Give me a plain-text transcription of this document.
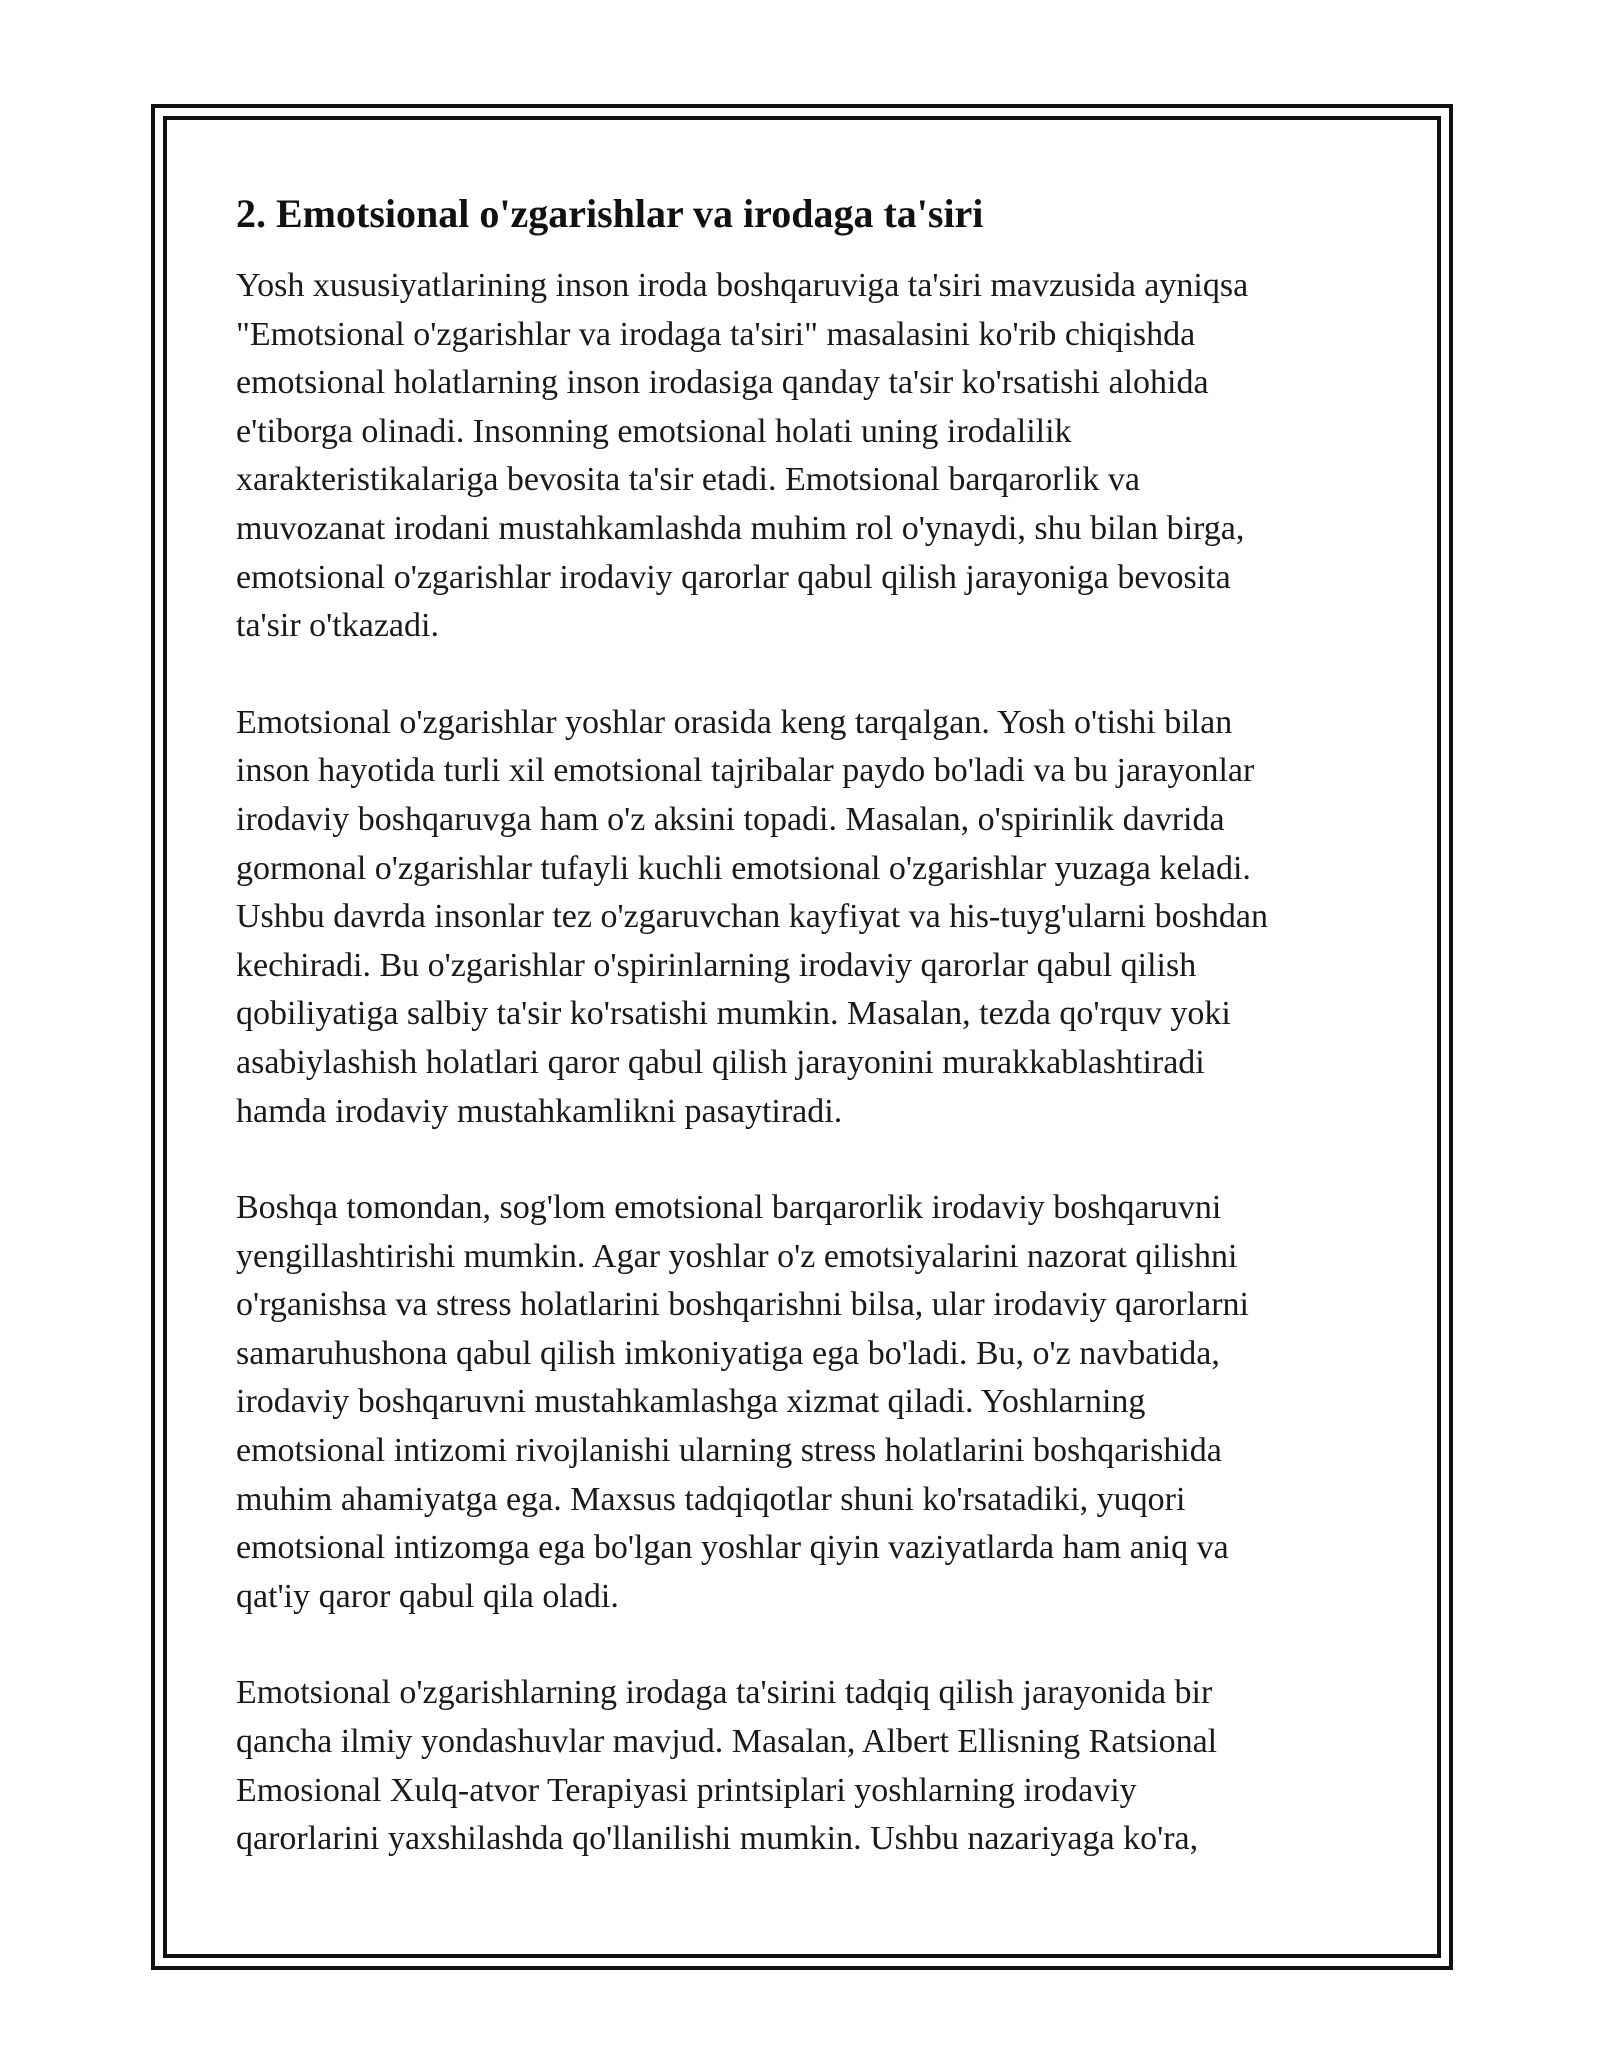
2. Emotsional o'zgarishlar va irodaga ta'siri

Yosh xususiyatlarining inson iroda boshqaruviga ta'siri mavzusida ayniqsa
"Emotsional o'zgarishlar va irodaga ta'siri" masalasini ko'rib chiqishda
emotsional holatlarning inson irodasiga qanday ta'sir ko'rsatishi alohida
e'tiborga olinadi. Insonning emotsional holati uning irodalilik
xarakteristikalariga bevosita ta'sir etadi. Emotsional barqarorlik va
muvozanat irodani mustahkamlashda muhim rol o'ynaydi, shu bilan birga,
emotsional o'zgarishlar irodaviy qarorlar qabul qilish jarayoniga bevosita
ta'sir o'tkazadi.

Emotsional o'zgarishlar yoshlar orasida keng tarqalgan. Yosh o'tishi bilan
inson hayotida turli xil emotsional tajribalar paydo bo'ladi va bu jarayonlar
irodaviy boshqaruvga ham o'z aksini topadi. Masalan, o'spirinlik davrida
gormonal o'zgarishlar tufayli kuchli emotsional o'zgarishlar yuzaga keladi.
Ushbu davrda insonlar tez o'zgaruvchan kayfiyat va his-tuyg'ularni boshdan
kechiradi. Bu o'zgarishlar o'spirinlarning irodaviy qarorlar qabul qilish
qobiliyatiga salbiy ta'sir ko'rsatishi mumkin. Masalan, tezda qo'rquv yoki
asabiylashish holatlari qaror qabul qilish jarayonini murakkablashtiradi
hamda irodaviy mustahkamlikni pasaytiradi.

Boshqa tomondan, sog'lom emotsional barqarorlik irodaviy boshqaruvni
yengillashtirishi mumkin. Agar yoshlar o'z emotsiyalarini nazorat qilishni
o'rganishsa va stress holatlarini boshqarishni bilsa, ular irodaviy qarorlarni
samaruhushona qabul qilish imkoniyatiga ega bo'ladi. Bu, o'z navbatida,
irodaviy boshqaruvni mustahkamlashga xizmat qiladi. Yoshlarning
emotsional intizomi rivojlanishi ularning stress holatlarini boshqarishida
muhim ahamiyatga ega. Maxsus tadqiqotlar shuni ko'rsatadiki, yuqori
emotsional intizomga ega bo'lgan yoshlar qiyin vaziyatlarda ham aniq va
qat'iy qaror qabul qila oladi.

Emotsional o'zgarishlarning irodaga ta'sirini tadqiq qilish jarayonida bir
qancha ilmiy yondashuvlar mavjud. Masalan, Albert Ellisning Ratsional
Emosional Xulq-atvor Terapiyasi printsiplari yoshlarning irodaviy
qarorlarini yaxshilashda qo'llanilishi mumkin. Ushbu nazariyaga ko'ra,
